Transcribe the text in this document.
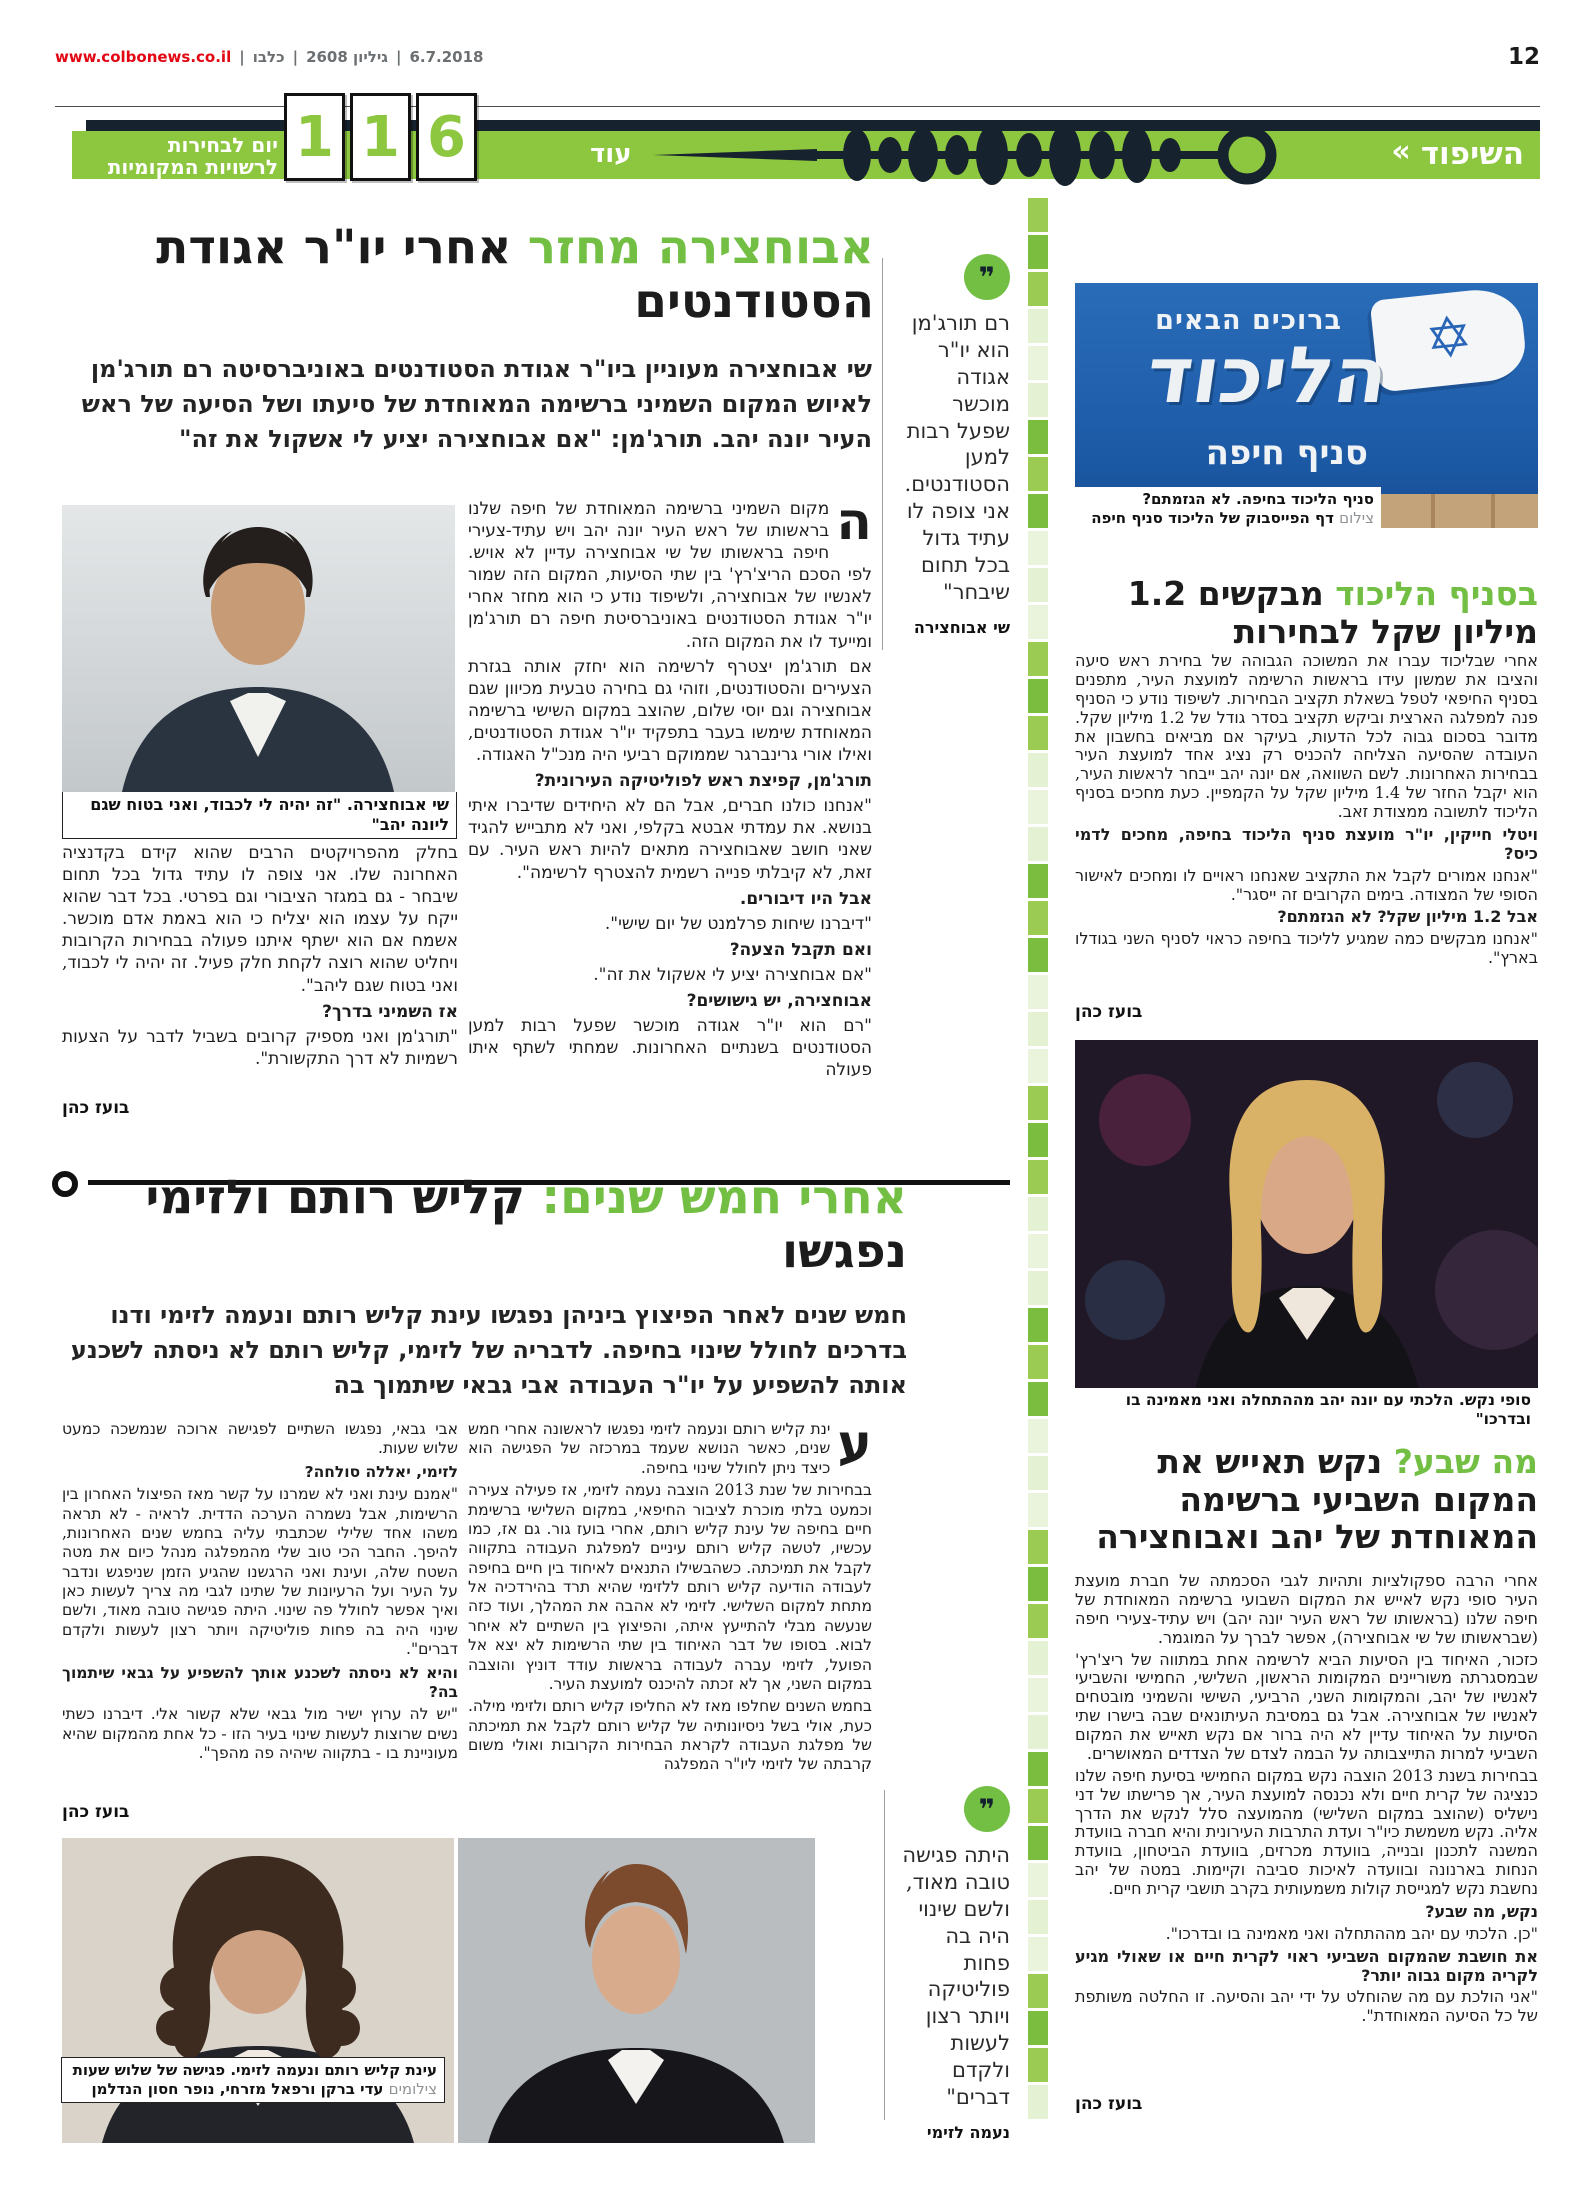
www.colbonews.co.il | כלבו | גיליון 2608 | 6.7.2018	12
« השיפוד
עוד
1 1 6
יום לבחירות
לרשויות המקומיות
אבוחצירה מחזר אחרי יו"ר אגודת הסטודנטים
שי אבוחצירה מעוניין ביו"ר אגודת הסטודנטים באוניברסיטה רם תורג'מן לאיוש המקום השמיני ברשימה המאוחדת של סיעתו ושל הסיעה של ראש העיר יונה יהב. תורג'מן: "אם אבוחצירה יציע לי אשקול את זה"
❞
רם תורג'מן הוא יו"ר אגודה מוכשר שפעל רבות למען הסטודנטים. אני צופה לו עתיד גדול בכל תחום שיבחר"
שי אבוחצירה
שי אבוחצירה. "זה יהיה לי לכבוד, ואני בטוח שגם ליונה יהב"

ה
מקום השמיני ברשימה המאוחדת של חיפה שלנו בראשותו של ראש העיר יונה יהב ויש עתיד-צעירי חיפה בראשותו של שי אבוחצירה עדיין לא אויש. לפי הסכם הריצ'רץ' בין שתי הסיעות, המקום הזה שמור לאנשיו של אבוחצירה, ולשיפוד נודע כי הוא מחזר אחרי יו"ר אגודת הסטודנטים באוניברסיטת חיפה רם תורג'מן ומייעד לו את המקום הזה.

אם תורג'מן יצטרף לרשימה הוא יחזק אותה בגזרת הצעירים והסטודנטים, וזוהי גם בחירה טבעית מכיוון שגם אבוחצירה וגם יוסי שלום, שהוצב במקום השישי ברשימה המאוחדת שימשו בעבר בתפקיד יו"ר אגודת הסטודנטים, ואילו אורי גרינברגר שממוקם רביעי היה מנכ"ל האגודה.

תורג'מן, קפיצת ראש לפוליטיקה העירונית?

"אנחנו כולנו חברים, אבל הם לא היחידים שדיברו איתי בנושא. את עמדתי אבטא בקלפי, ואני לא מתבייש להגיד שאני חושב שאבוחצירה מתאים להיות ראש העיר. עם זאת, לא קיבלתי פנייה רשמית להצטרף לרשימה".

אבל היו דיבורים.

"דיברנו שיחות פרלמנט של יום שישי".

ואם תקבל הצעה?

"אם אבוחצירה יציע לי אשקול את זה".

אבוחצירה, יש גישושים?

"רם הוא יו"ר אגודה מוכשר שפעל רבות למען הסטודנטים בשנתיים האחרונות. שמחתי לשתף איתו פעולה

בחלק מהפרויקטים הרבים שהוא קידם בקדנציה האחרונה שלו. אני צופה לו עתיד גדול בכל תחום שיבחר - גם במגזר הציבורי וגם בפרטי. בכל דבר שהוא ייקח על עצמו הוא יצליח כי הוא באמת אדם מוכשר. אשמח אם הוא ישתף איתנו פעולה בבחירות הקרובות ויחליט שהוא רוצה לקחת חלק פעיל. זה יהיה לי לכבוד, ואני בטוח שגם ליהב".

אז השמיני בדרך?

"תורג'מן ואני מספיק קרובים בשביל לדבר על הצעות רשמיות לא דרך התקשורת".

בועז כהן
אחרי חמש שנים: קליש רותם ולזימי נפגשו
חמש שנים לאחר הפיצוץ ביניהן נפגשו עינת קליש רותם ונעמה לזימי ודנו בדרכים לחולל שינוי בחיפה. לדבריה של לזימי, קליש רותם לא ניסתה לשכנע אותה להשפיע על יו"ר העבודה אבי גבאי שיתמוך בה

ע
ינת קליש רותם ונעמה לזימי נפגשו לראשונה אחרי חמש שנים, כאשר הנושא שעמד במרכזה של הפגישה הוא כיצד ניתן לחולל שינוי בחיפה.

בבחירות של שנת 2013 הוצבה נעמה לזימי, אז פעילה צעירה וכמעט בלתי מוכרת לציבור החיפאי, במקום השלישי ברשימת חיים בחיפה של עינת קליש רותם, אחרי בועז גור. גם אז, כמו עכשיו, לטשה קליש רותם עיניים למפלגת העבודה בתקווה לקבל את תמיכתה. כשהבשילו התנאים לאיחוד בין חיים בחיפה לעבודה הודיעה קליש רותם ללזימי שהיא תרד בהירדכיה אל מתחת למקום השלישי. לזימי לא אהבה את המהלך, ועוד כזה שנעשה מבלי להתייעץ איתה, והפיצוץ בין השתיים לא איחר לבוא. בסופו של דבר האיחוד בין שתי הרשימות לא יצא אל הפועל, לזימי עברה לעבודה בראשות עודד דוניץ והוצבה במקום השני, אך לא זכתה להיכנס למועצת העיר.

בחמש השנים שחלפו מאז לא החליפו קליש רותם ולזימי מילה. כעת, אולי בשל ניסיונותיה של קליש רותם לקבל את תמיכתה של מפלגת העבודה לקראת הבחירות הקרובות ואולי משום קרבתה של לזימי ליו"ר המפלגה

אבי גבאי, נפגשו השתיים לפגישה ארוכה שנמשכה כמעט שלוש שעות.

לזימי, יאללה סולחה?

"אמנם עינת ואני לא שמרנו על קשר מאז הפיצול האחרון בין הרשימות, אבל נשמרה הערכה הדדית. לראיה - לא תראה משהו אחד שלילי שכתבתי עליה בחמש שנים האחרונות, להיפך. החבר הכי טוב שלי מהמפלגה מנהל כיום את מטה השטח שלה, ועינת ואני הרגשנו שהגיע הזמן שניפגש ונדבר על העיר ועל הרעיונות של שתינו לגבי מה צריך לעשות כאן ואיך אפשר לחולל פה שינוי. היתה פגישה טובה מאוד, ולשם שינוי היה בה פחות פוליטיקה ויותר רצון לעשות ולקדם דברים".

והיא לא ניסתה לשכנע אותך להשפיע על גבאי שיתמוך בה?

"יש לה ערוץ ישיר מול גבאי שלא קשור אלי. דיברנו כשתי נשים שרוצות לעשות שינוי בעיר הזו - כל אחת מהמקום שהיא מעוניינת בו - בתקווה שיהיה פה מהפך".

בועז כהן	❞
היתה פגישה טובה מאוד, ולשם שינוי היה בה פחות פוליטיקה ויותר רצון לעשות ולקדם דברים"
נעמה לזימי
עינת קליש רותם ונעמה לזימי. פגישה של שלוש שעות
צילומים עדי ברקן ורפאל מזרחי, נופר חסון הנדלמן
✡
ברוכים הבאים
הליכוד
סניף חיפה
סניף הליכוד בחיפה. לא הגזמתם?
צילום דף הפייסבוק של הליכוד סניף חיפה
בסניף הליכוד מבקשים 1.2 מיליון שקל לבחירות

אחרי שבליכוד עברו את המשוכה הגבוהה של בחירת ראש סיעה והציבו את שמשון עידו בראשות הרשימה למועצת העיר, מתפנים בסניף החיפאי לטפל בשאלת תקציב הבחירות. לשיפוד נודע כי הסניף פנה למפלגה הארצית וביקש תקציב בסדר גודל של 1.2 מיליון שקל. מדובר בסכום גבוה לכל הדעות, בעיקר אם מביאים בחשבון את העובדה שהסיעה הצליחה להכניס רק נציג אחד למועצת העיר בבחירות האחרונות. לשם השוואה, אם יונה יהב ייבחר לראשות העיר, הוא יקבל החזר של 1.4 מיליון שקל על הקמפיין. כעת מחכים בסניף הליכוד לתשובה ממצודת זאב.

ויטלי חייקין, יו"ר מועצת סניף הליכוד בחיפה, מחכים לדמי כיס?

"אנחנו אמורים לקבל את התקציב שאנחנו ראויים לו ומחכים לאישור הסופי של המצודה. בימים הקרובים זה ייסגר".

אבל 1.2 מיליון שקל? לא הגזמתם?

"אנחנו מבקשים כמה שמגיע לליכוד בחיפה כראוי לסניף השני בגודלו בארץ".

בועז כהן
סופי נקש. הלכתי עם יונה יהב מההתחלה ואני מאמינה בו ובדרכו"
מה שבע? נקש תאייש את המקום השביעי ברשימה המאוחדת של יהב ואבוחצירה

אחרי הרבה ספקולציות ותהיות לגבי הסכמתה של חברת מועצת העיר סופי נקש לאייש את המקום השבועי ברשימה המאוחדת של חיפה שלנו (בראשותו של ראש העיר יונה יהב) ויש עתיד-צעירי חיפה (שבראשותו של שי אבוחצירה), אפשר לברך על המוגמר.

כזכור, האיחוד בין הסיעות הביא לרשימה אחת במתווה של ריצ'רץ' שבמסגרתה משוריינים המקומות הראשון, השלישי, החמישי והשביעי לאנשיו של יהב, והמקומות השני, הרביעי, השישי והשמיני מובטחים לאנשיו של אבוחצירה. אבל גם במסיבת העיתונאים שבה בישרו שתי הסיעות על האיחוד עדיין לא היה ברור אם נקש תאייש את המקום השביעי למרות התייצבותה על הבמה לצדם של הצדדים המאושרים.

בבחירות בשנת 2013 הוצבה נקש במקום החמישי בסיעת חיפה שלנו כנציגה של קרית חיים ולא נכנסה למועצת העיר, אך פרישתו של דני נישליס (שהוצב במקום השלישי) מהמועצה סלל לנקש את הדרך אליה. נקש משמשת כיו"ר ועדת התרבות העירונית והיא חברה בוועדת המשנה לתכנון ובנייה, בוועדת מכרזים, בוועדת הביטחון, בוועדת הנחות בארנונה ובוועדה לאיכות סביבה וקיימות. במטה של יהב נחשבת נקש למגייסת קולות משמעותית בקרב תושבי קרית חיים.

נקש, מה שבע?

"כן. הלכתי עם יהב מההתחלה ואני מאמינה בו ובדרכו".

את חושבת שהמקום השביעי ראוי לקרית חיים או שאולי מגיע לקריה מקום גבוה יותר?

"אני הולכת עם מה שהוחלט על ידי יהב והסיעה. זו החלטה משותפת של כל הסיעה המאוחדת".

בועז כהן
